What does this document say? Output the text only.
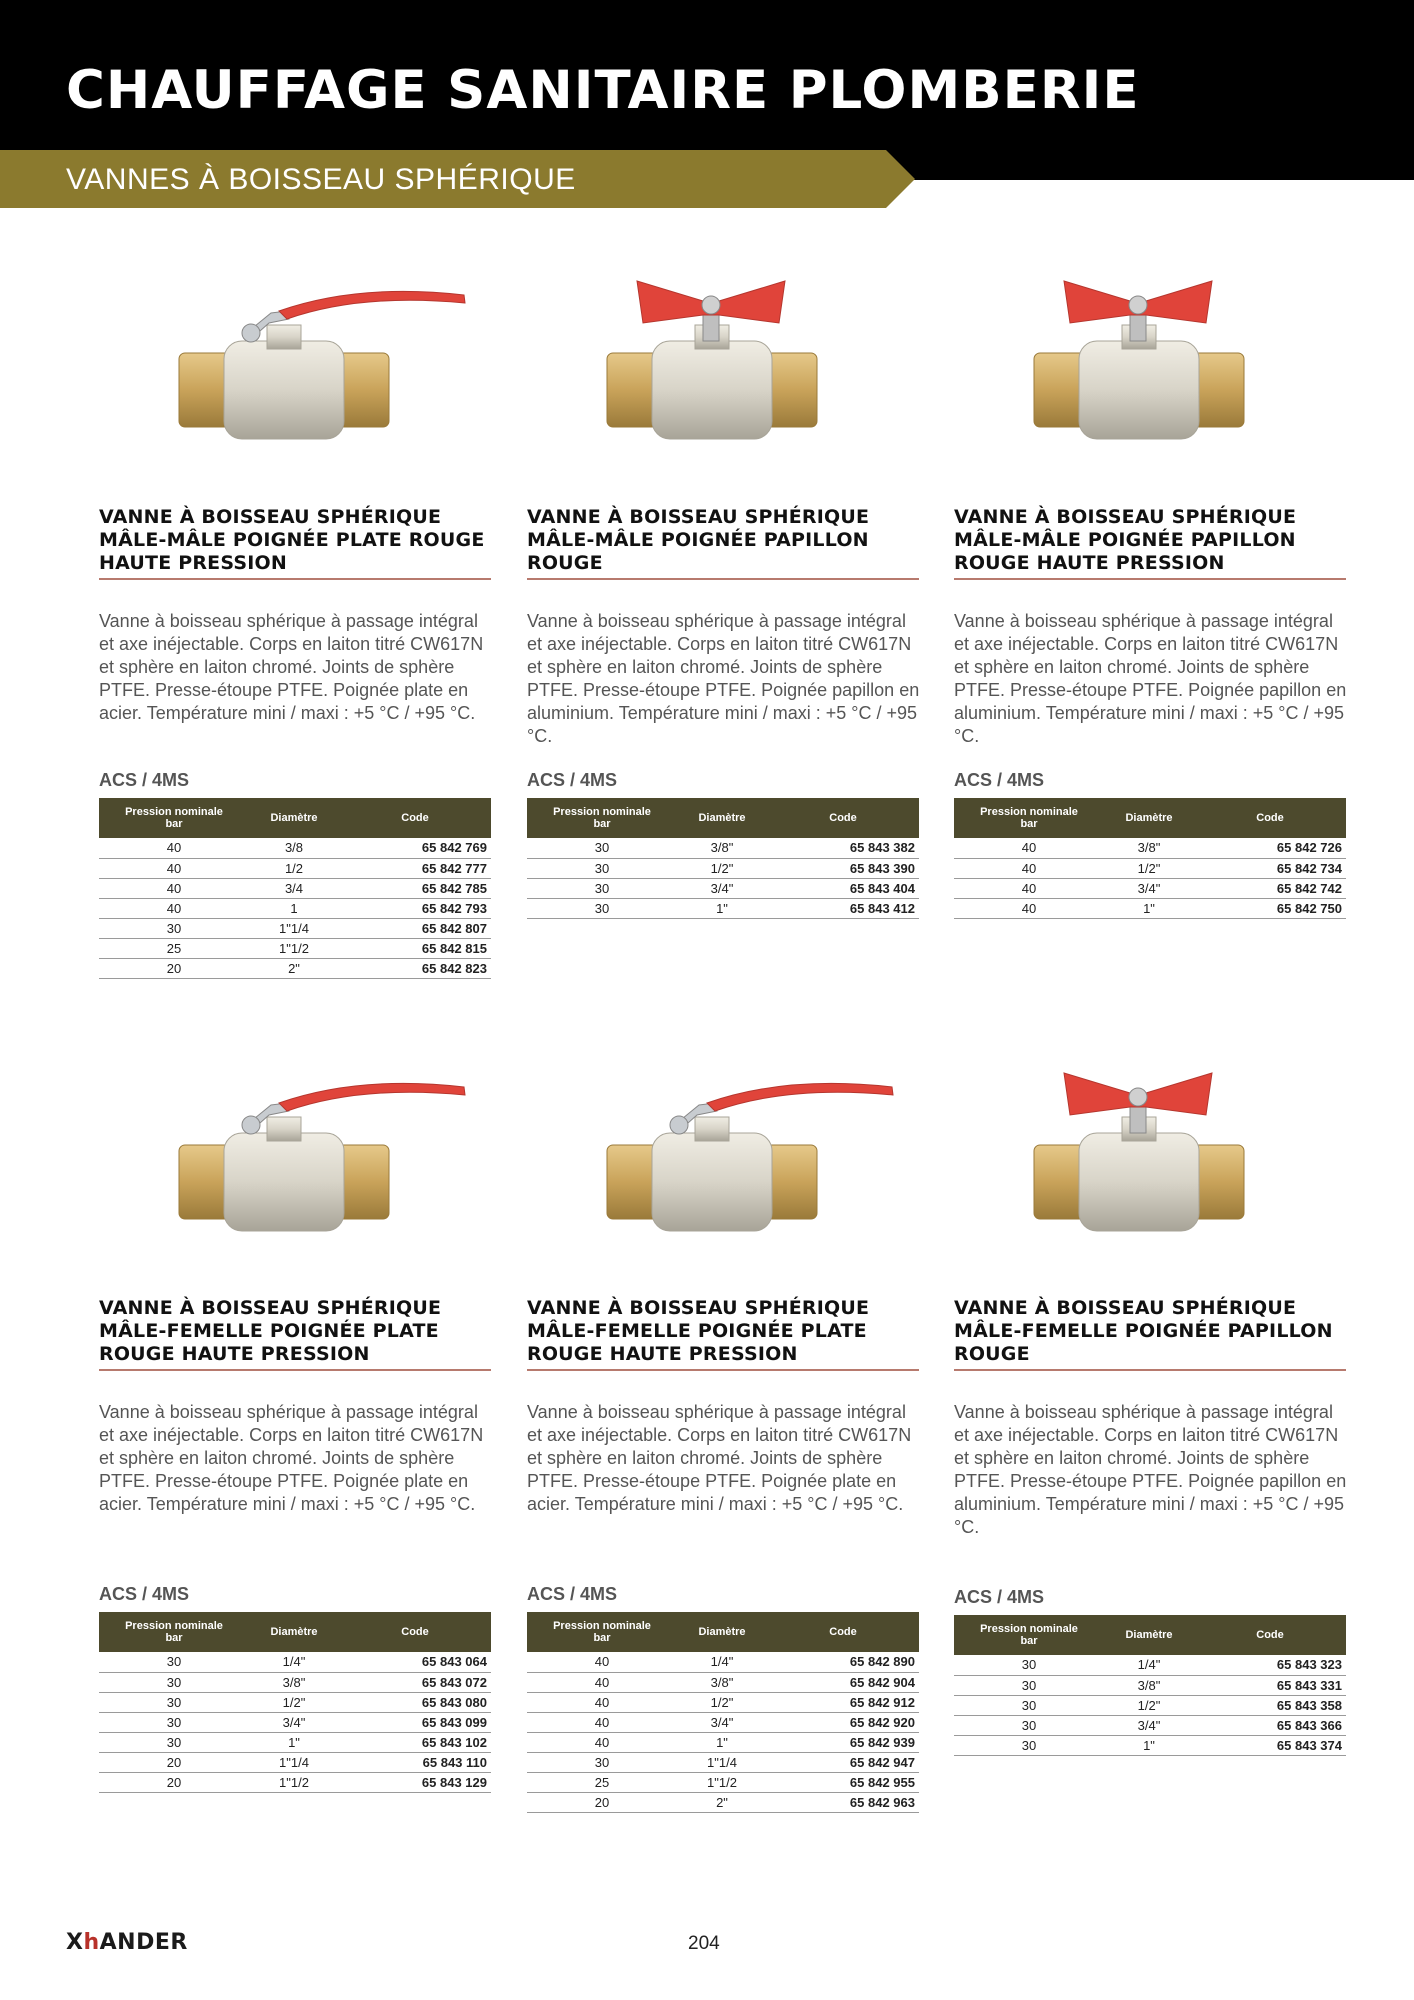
CHAUFFAGE SANITAIRE PLOMBERIE
VANNES À BOISSEAU SPHÉRIQUE
VANNE À BOISSEAU SPHÉRIQUE MÂLE-MÂLE POIGNÉE PLATE ROUGE HAUTE PRESSION
Vanne à boisseau sphérique à passage intégral et axe inéjectable. Corps en laiton titré CW617N et sphère en laiton chromé. Joints de sphère PTFE. Presse-étoupe PTFE. Poignée plate en acier. Température mini / maxi : +5 °C / +95 °C.
ACS / 4MS
Pression nominale
bar	Diamètre	Code
40	3/8	65 842 769
40	1/2	65 842 777
40	3/4	65 842 785
40	1	65 842 793
30	1"1/4	65 842 807
25	1"1/2	65 842 815
20	2"	65 842 823
VANNE À BOISSEAU SPHÉRIQUE MÂLE-MÂLE POIGNÉE PAPILLON ROUGE
Vanne à boisseau sphérique à passage intégral et axe inéjectable. Corps en laiton titré CW617N et sphère en laiton chromé. Joints de sphère PTFE. Presse-étoupe PTFE. Poignée papillon en aluminium. Température mini / maxi : +5 °C / +95 °C.
ACS / 4MS
Pression nominale
bar	Diamètre	Code
30	3/8"	65 843 382
30	1/2"	65 843 390
30	3/4"	65 843 404
30	1"	65 843 412
VANNE À BOISSEAU SPHÉRIQUE MÂLE-MÂLE POIGNÉE PAPILLON ROUGE HAUTE PRESSION
Vanne à boisseau sphérique à passage intégral et axe inéjectable. Corps en laiton titré CW617N et sphère en laiton chromé. Joints de sphère PTFE. Presse-étoupe PTFE. Poignée papillon en aluminium. Température mini / maxi : +5 °C / +95 °C.
ACS / 4MS
Pression nominale
bar	Diamètre	Code
40	3/8"	65 842 726
40	1/2"	65 842 734
40	3/4"	65 842 742
40	1"	65 842 750
VANNE À BOISSEAU SPHÉRIQUE MÂLE-FEMELLE POIGNÉE PLATE ROUGE HAUTE PRESSION
Vanne à boisseau sphérique à passage intégral et axe inéjectable. Corps en laiton titré CW617N et sphère en laiton chromé. Joints de sphère PTFE. Presse-étoupe PTFE. Poignée plate en acier. Température mini / maxi : +5 °C / +95 °C.
ACS / 4MS
Pression nominale
bar	Diamètre	Code
30	1/4"	65 843 064
30	3/8"	65 843 072
30	1/2"	65 843 080
30	3/4"	65 843 099
30	1"	65 843 102
20	1"1/4	65 843 110
20	1"1/2	65 843 129
VANNE À BOISSEAU SPHÉRIQUE MÂLE-FEMELLE POIGNÉE PLATE ROUGE HAUTE PRESSION
Vanne à boisseau sphérique à passage intégral et axe inéjectable. Corps en laiton titré CW617N et sphère en laiton chromé. Joints de sphère PTFE. Presse-étoupe PTFE. Poignée plate en acier. Température mini / maxi : +5 °C / +95 °C.
ACS / 4MS
Pression nominale
bar	Diamètre	Code
40	1/4"	65 842 890
40	3/8"	65 842 904
40	1/2"	65 842 912
40	3/4"	65 842 920
40	1"	65 842 939
30	1"1/4	65 842 947
25	1"1/2	65 842 955
20	2"	65 842 963
VANNE À BOISSEAU SPHÉRIQUE MÂLE-FEMELLE POIGNÉE PAPILLON ROUGE
Vanne à boisseau sphérique à passage intégral et axe inéjectable. Corps en laiton titré CW617N et sphère en laiton chromé. Joints de sphère PTFE. Presse-étoupe PTFE. Poignée papillon en aluminium. Température mini / maxi : +5 °C / +95 °C.
ACS / 4MS
Pression nominale
bar	Diamètre	Code
30	1/4"	65 843 323
30	3/8"	65 843 331
30	1/2"	65 843 358
30	3/4"	65 843 366
30	1"	65 843 374
XhANDER	204
